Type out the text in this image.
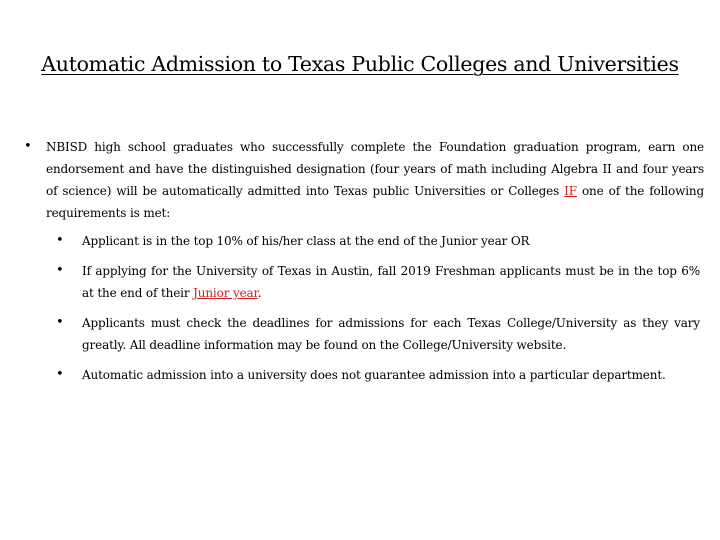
Automatic Admission to Texas Public Colleges and Universities
•	NBISD high school graduates who successfully complete the Foundation graduation program, earn one endorsement and have the distinguished designation (four years of math including Algebra II and four years of science) will be automatically admitted into Texas public Universities or Colleges IF one of the following requirements is met:
•	Applicant is in the top 10% of his/her class at the end of the Junior year OR
•	If applying for the University of Texas in Austin, fall 2019 Freshman applicants must be in the top 6% at the end of their Junior year.
•	Applicants must check the deadlines for admissions for each Texas College/University as they vary greatly. All deadline information may be found on the College/University website.
•	Automatic admission into a university does not guarantee admission into a particular department.
